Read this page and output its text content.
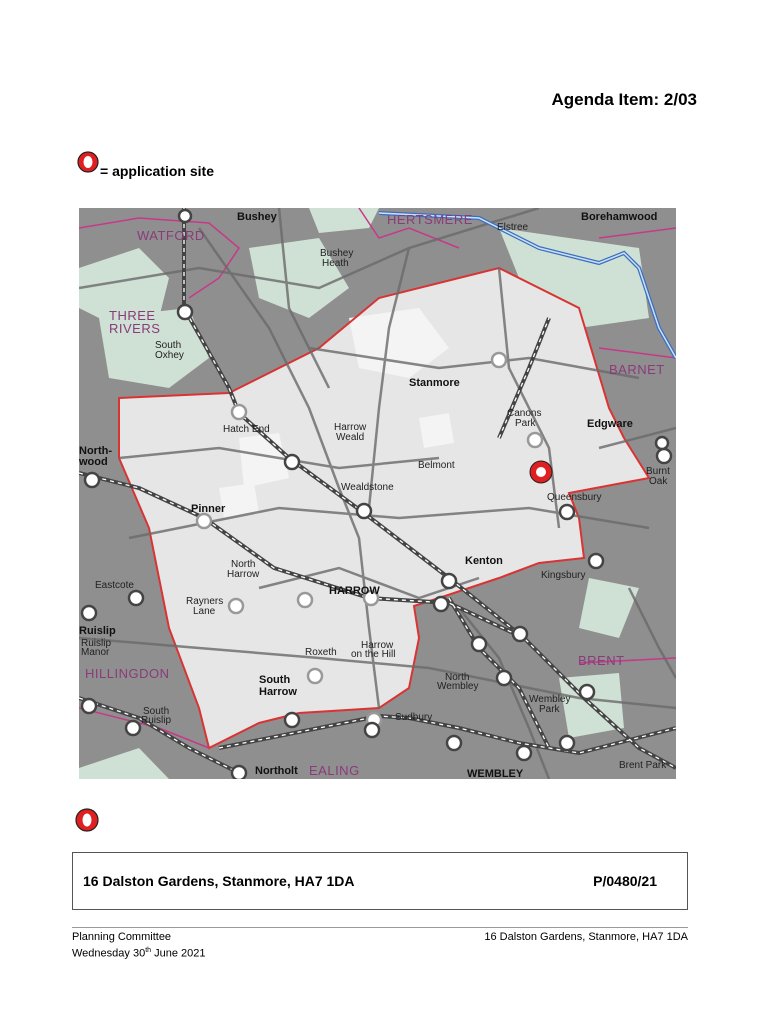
Agenda Item: 2/03
= application site
Bushey	HERTSMERE
Elstree
Borehamwood
WATFORD
Bushey
Heath
THREE
RIVERS
South
Oxhey
BARNET
Stanmore
Canons
Park	Edgware
Hatch End	Harrow
Weald
Belmont
Burnt
Oak
North-
wood
Wealdstone
Queensbury
Pinner
Kenton
North
Harrow	Kingsbury
Eastcote	HARROW
Rayners
Lane
Ruislip
Ruislip
Manor	Roxeth
Harrow
on the Hill	BRENT
HILLINGDON	South
Harrow
North
Wembley
Wembley
Park
South
Ruislip	Sudbury
Northolt EALING	WEMBLEY
Brent Park
16 Dalston Gardens, Stanmore, HA7 1DA	P/0480/21
Planning Committee
Wednesday 30th June 2021
16 Dalston Gardens, Stanmore, HA7 1DA
